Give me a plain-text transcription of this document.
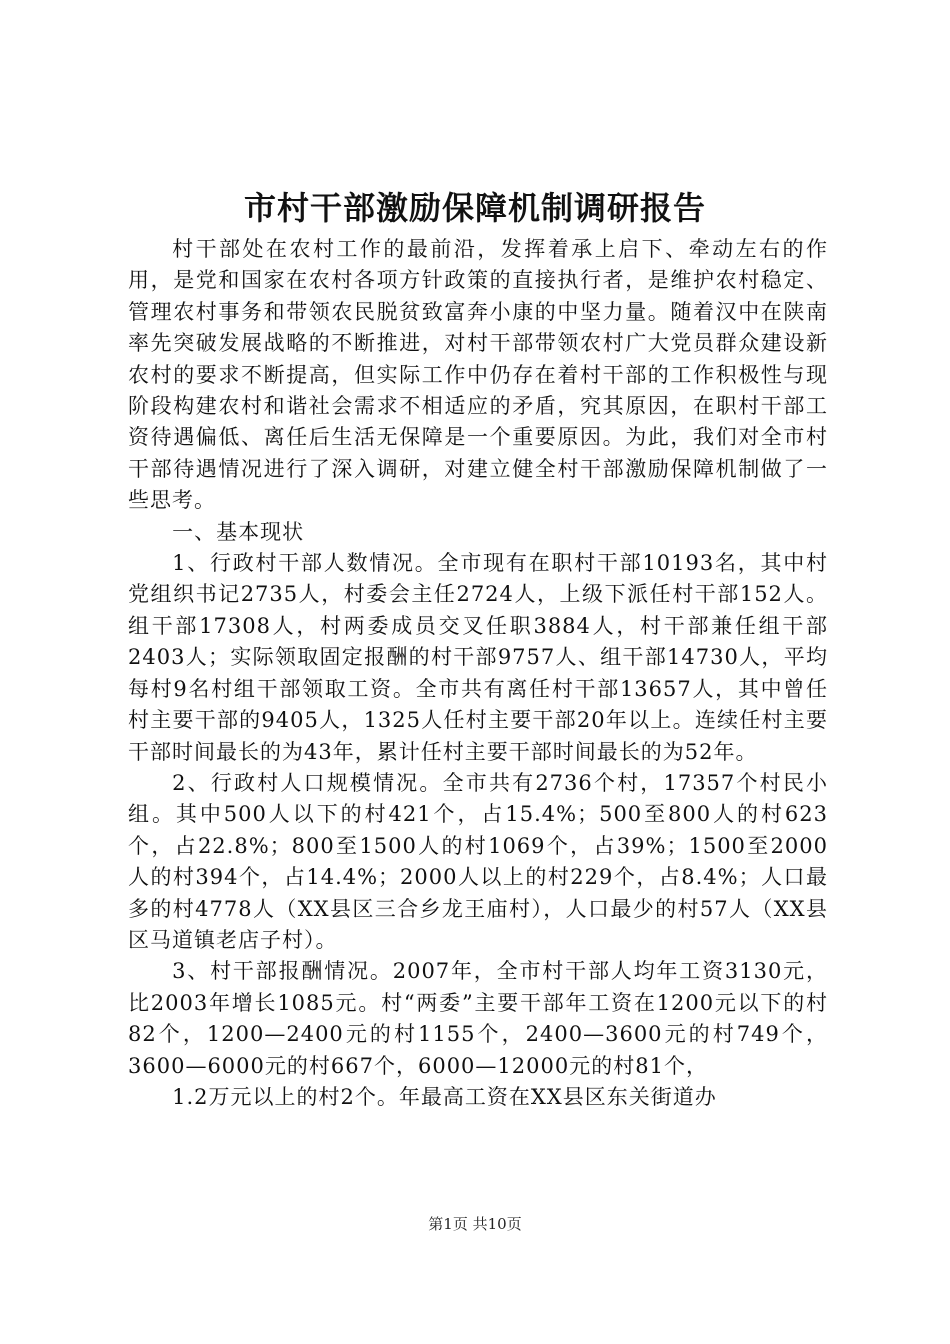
市村干部激励保障机制调研报告

村干部处在农村工作的最前沿，发挥着承上启下、牵动左右的作用，是党和国家在农村各项方针政策的直接执行者，是维护农村稳定、管理农村事务和带领农民脱贫致富奔小康的中坚力量。随着汉中在陕南率先突破发展战略的不断推进，对村干部带领农村广大党员群众建设新农村的要求不断提高，但实际工作中仍存在着村干部的工作积极性与现阶段构建农村和谐社会需求不相适应的矛盾，究其原因，在职村干部工资待遇偏低、离任后生活无保障是一个重要原因。为此，我们对全市村干部待遇情况进行了深入调研，对建立健全村干部激励保障机制做了一些思考。

一、基本现状

1、行政村干部人数情况。全市现有在职村干部10193名，其中村党组织书记2735人，村委会主任2724人，上级下派任村干部152人。组干部17308人，村两委成员交叉任职3884人，村干部兼任组干部2403人；实际领取固定报酬的村干部9757人、组干部14730人，平均每村9名村组干部领取工资。全市共有离任村干部13657人，其中曾任村主要干部的9405人，1325人任村主要干部20年以上。连续任村主要干部时间最长的为43年，累计任村主要干部时间最长的为52年。

2、行政村人口规模情况。全市共有2736个村，17357个村民小组。其中500人以下的村421个，占15.4%；500至800人的村623个，占22.8%；800至1500人的村1069个，占39%；1500至2000人的村394个，占14.4%；2000人以上的村229个，占8.4%；人口最多的村4778人（XX县区三合乡龙王庙村），人口最少的村57人（XX县区马道镇老店子村）。

3、村干部报酬情况。2007年，全市村干部人均年工资3130元，比2003年增长1085元。村“两委”主要干部年工资在1200元以下的村82个，1200—2400元的村1155个，2400—3600元的村749个，3600—6000元的村667个，6000—12000元的村81个，

1.2万元以上的村2个。年最高工资在XX县区东关街道办

第1页 共10页
